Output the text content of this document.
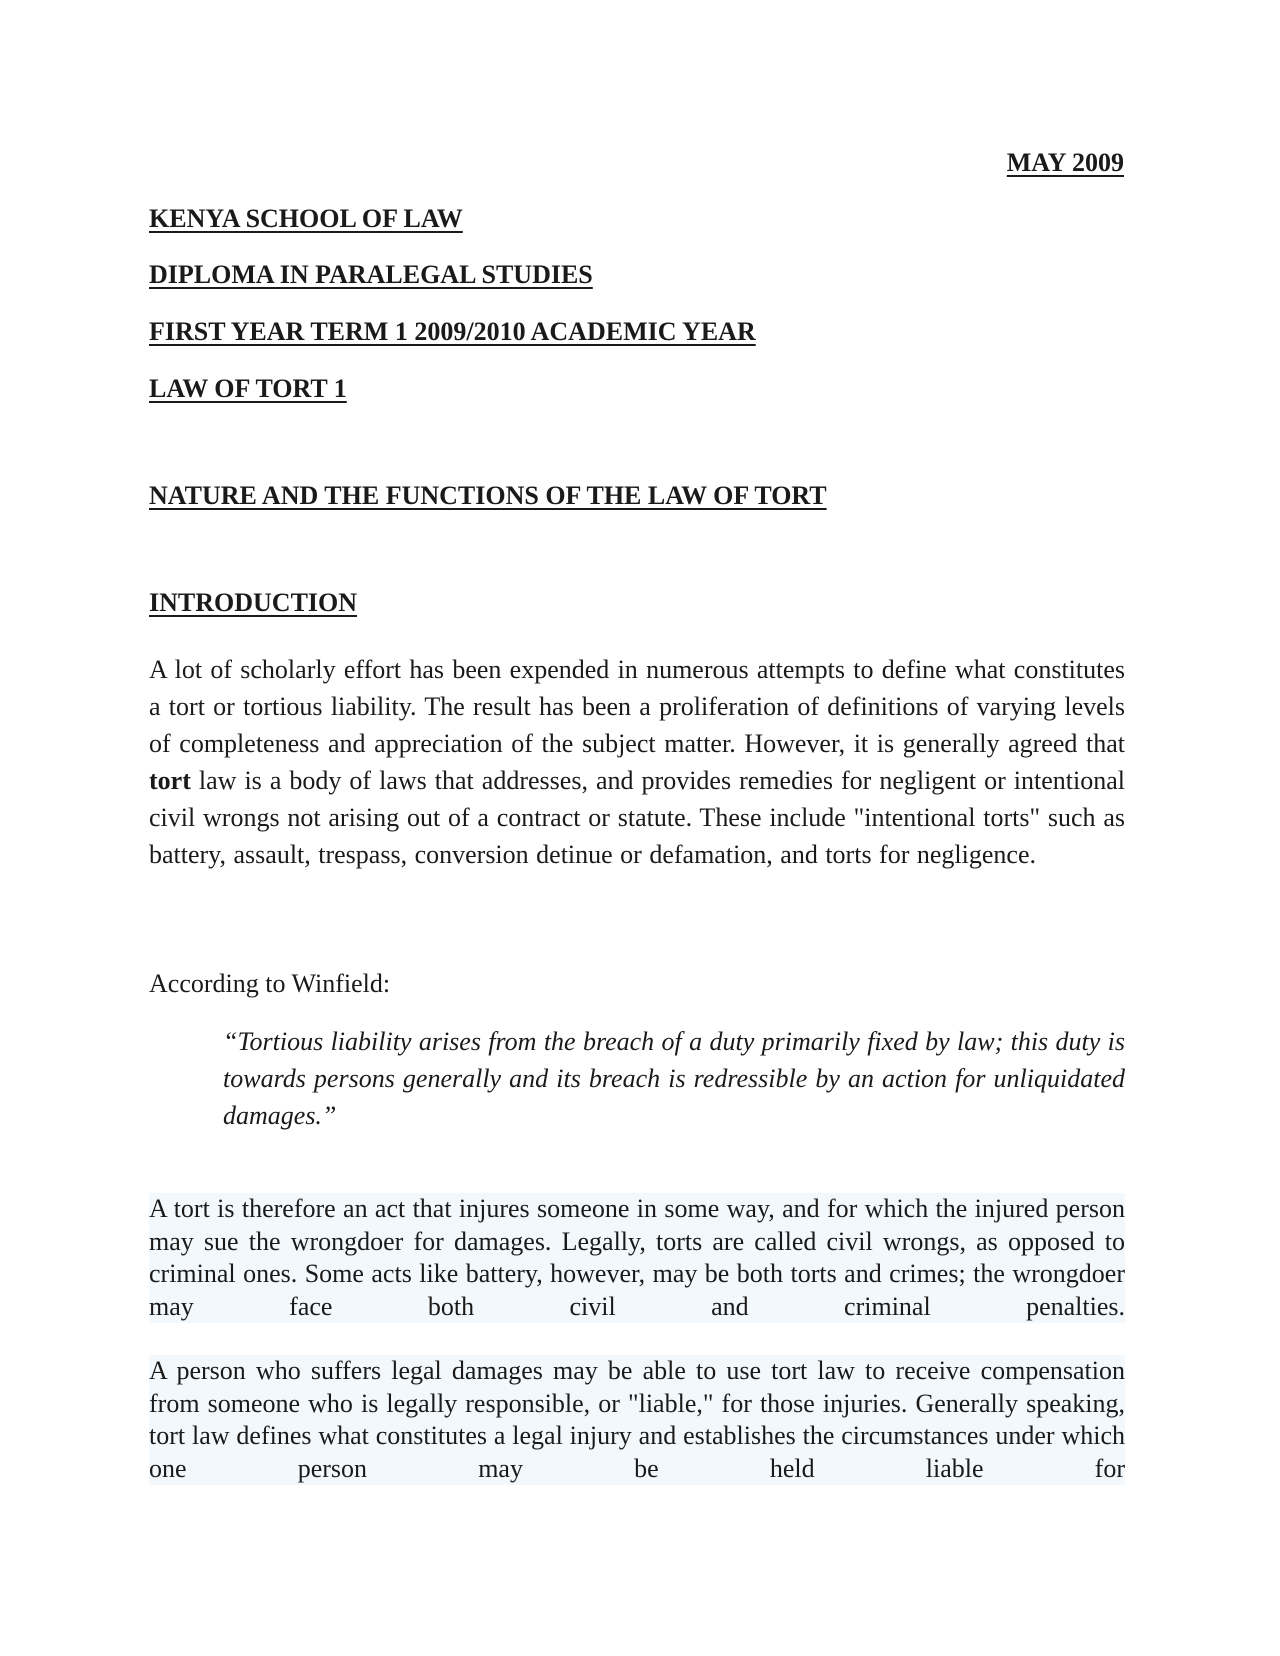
MAY 2009

KENYA SCHOOL OF LAW

DIPLOMA IN PARALEGAL STUDIES

FIRST YEAR TERM 1 2009/2010 ACADEMIC YEAR

LAW OF TORT 1

NATURE AND THE FUNCTIONS OF THE LAW OF TORT

INTRODUCTION

A lot of scholarly effort has been expended in numerous attempts to define what constitutes a tort or tortious liability. The result has been a proliferation of definitions of varying levels of completeness and appreciation of the subject matter. However, it is generally agreed that tort law is a body of laws that addresses, and provides remedies for negligent or intentional civil wrongs not arising out of a contract or statute. These include "intentional torts" such as battery, assault, trespass, conversion detinue or defamation, and torts for negligence.

According to Winfield:

“Tortious liability arises from the breach of a duty primarily fixed by law; this duty is towards persons generally and its breach is redressible by an action for unliquidated damages.”

A tort is therefore an act that injures someone in some way, and for which the injured person may sue the wrongdoer for damages. Legally, torts are called civil wrongs, as opposed to criminal ones. Some acts like battery, however, may be both torts and crimes; the wrongdoer may face both civil and criminal penalties.

A person who suffers legal damages may be able to use tort law to receive compensation from someone who is legally responsible, or "liable," for those injuries. Generally speaking, tort law defines what constitutes a legal injury and establishes the circumstances under which one person may be held liable for
